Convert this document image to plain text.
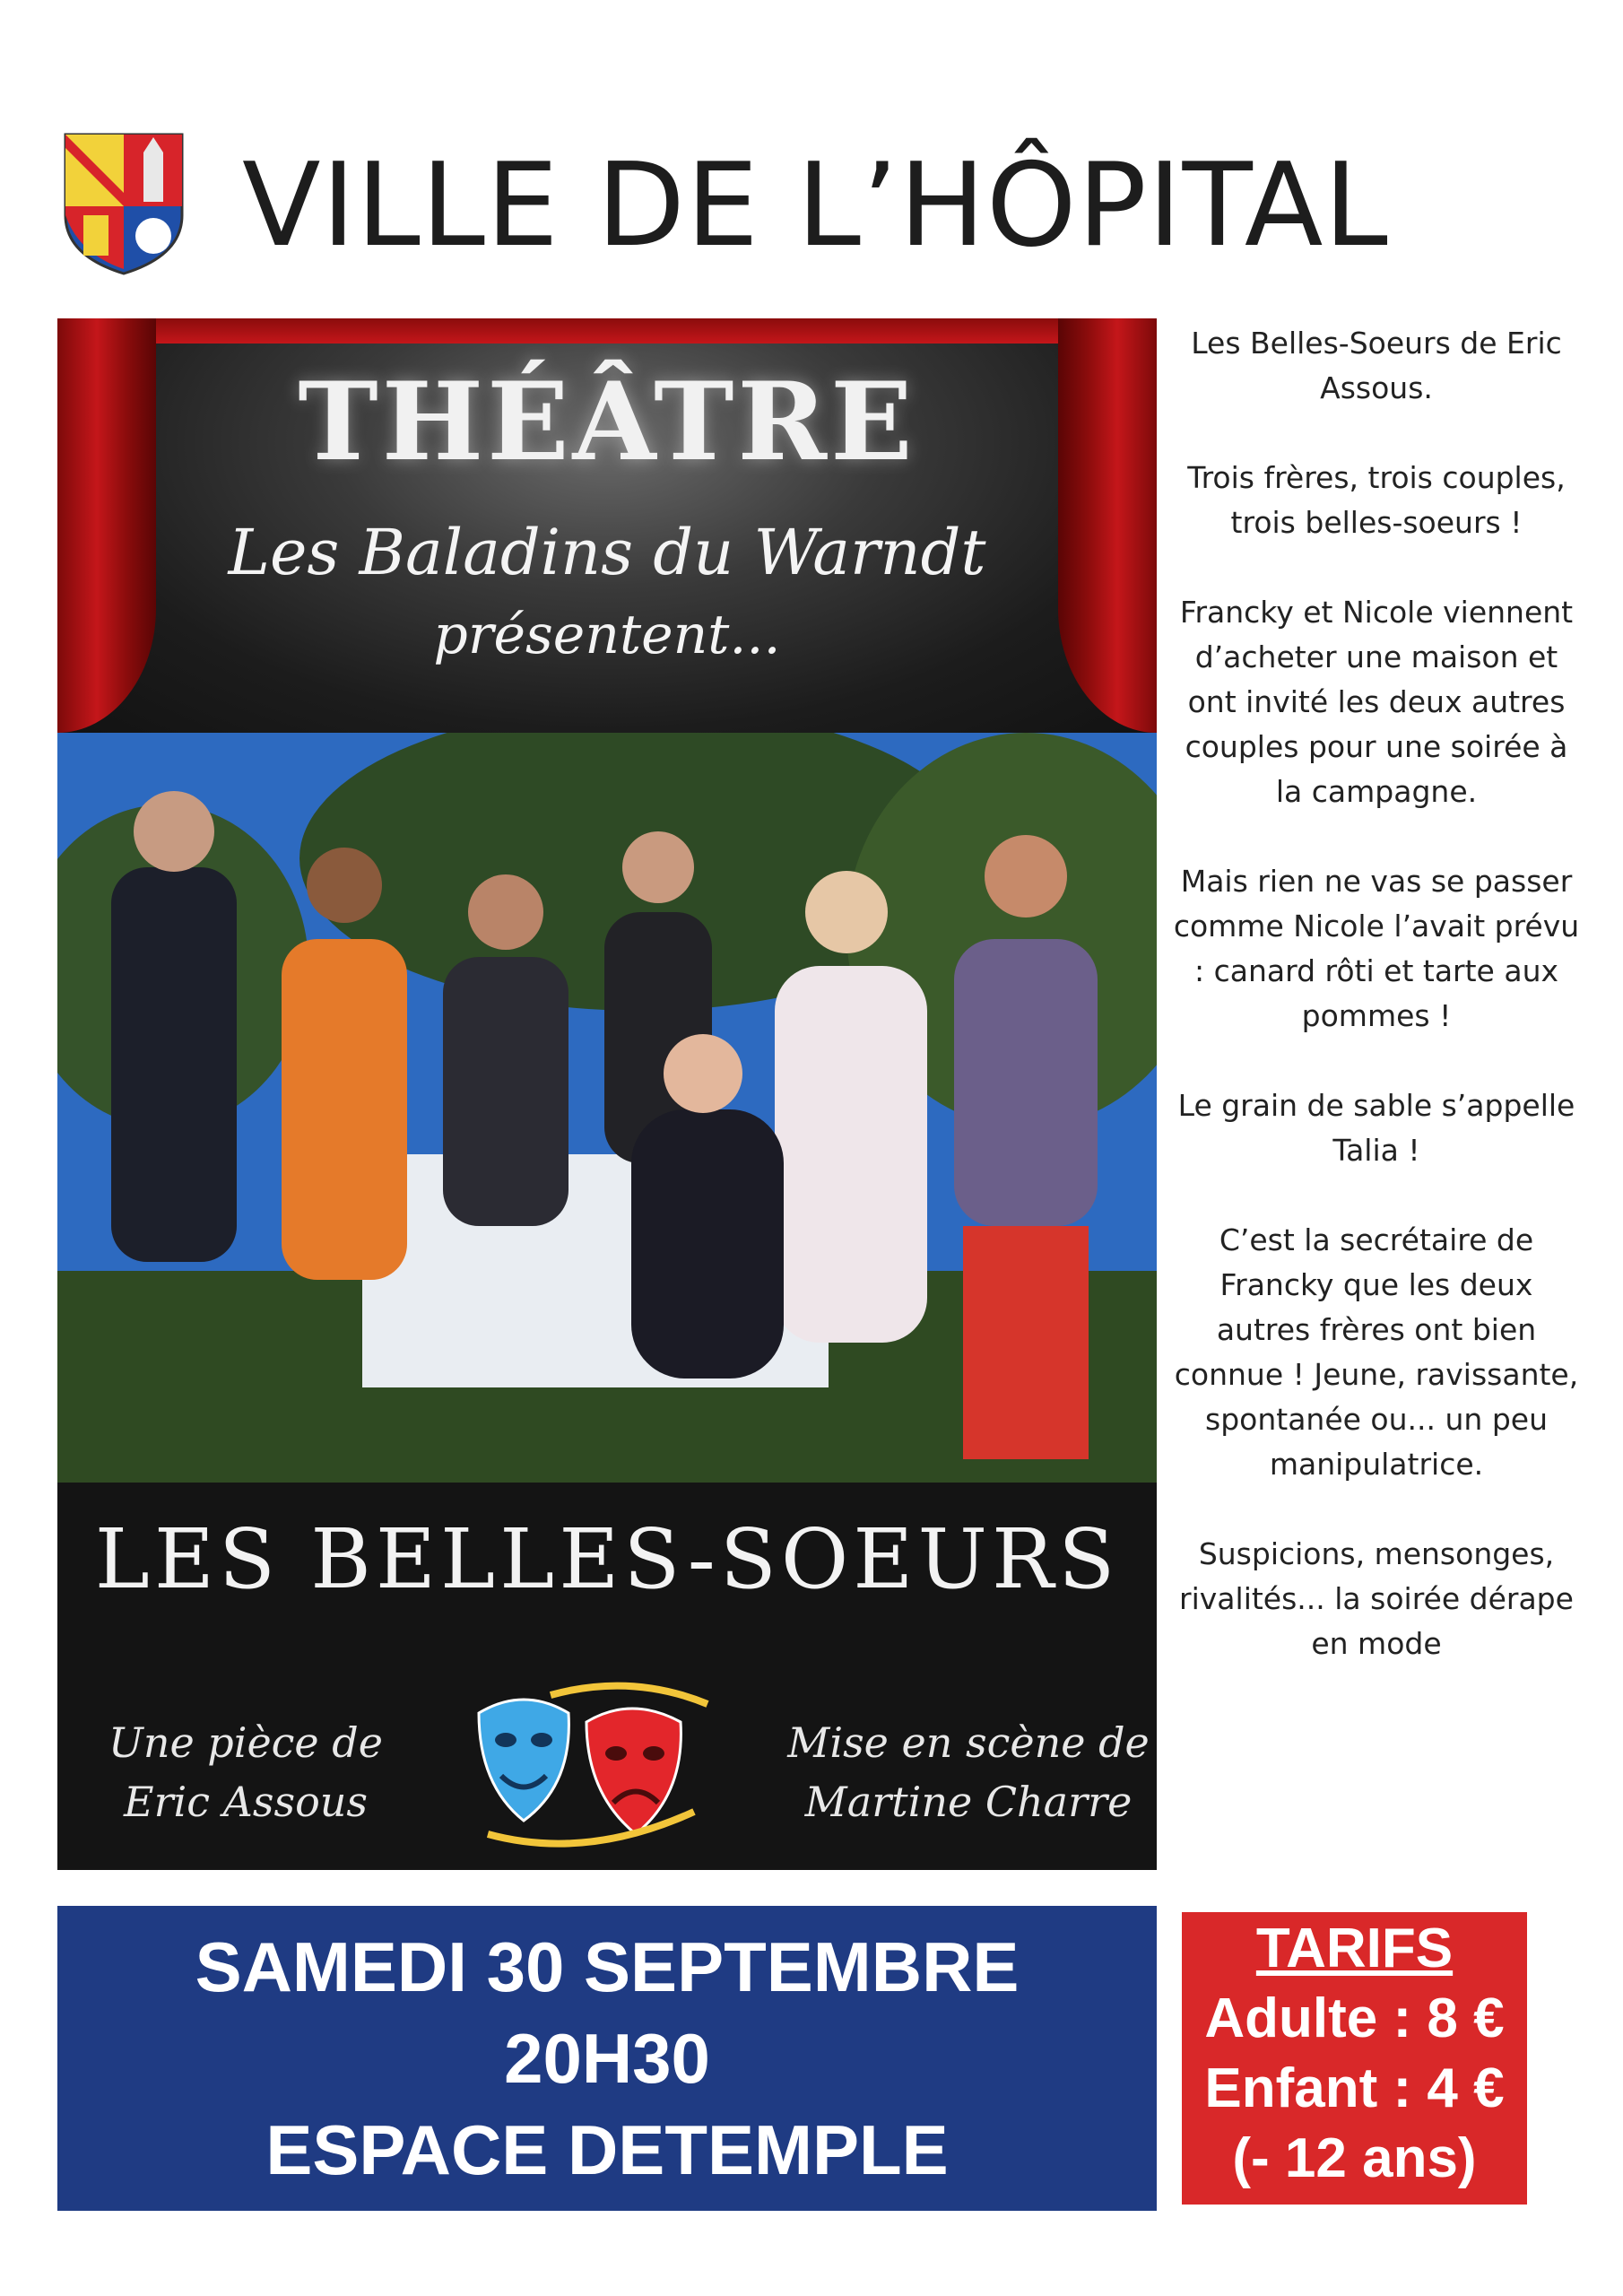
VILLE DE L’HÔPITAL
THÉÂTRE
Les Baladins du Warndt
présentent...
LES BELLES-SOEURS
Une pièce de
Eric Assous
Mise en scène de
Martine Charre

Les Belles-Soeurs de Eric Assous.

Trois frères, trois couples, trois belles-soeurs !

Francky et Nicole viennent d’acheter une maison et ont invité les deux autres couples pour une soirée à la campagne.

Mais rien ne vas se passer comme Nicole l’avait prévu : canard rôti et tarte aux pommes !

Le grain de sable s’appelle Talia !

C’est la secrétaire de Francky que les deux autres frères ont bien connue ! Jeune, ravissante, spontanée ou... un peu manipulatrice.

Suspicions, mensonges, rivalités... la soirée dérape en mode

SAMEDI 30 SEPTEMBRE
20H30
ESPACE DETEMPLE
TARIFS
Adulte : 8 €
Enfant : 4 €
(- 12 ans)
